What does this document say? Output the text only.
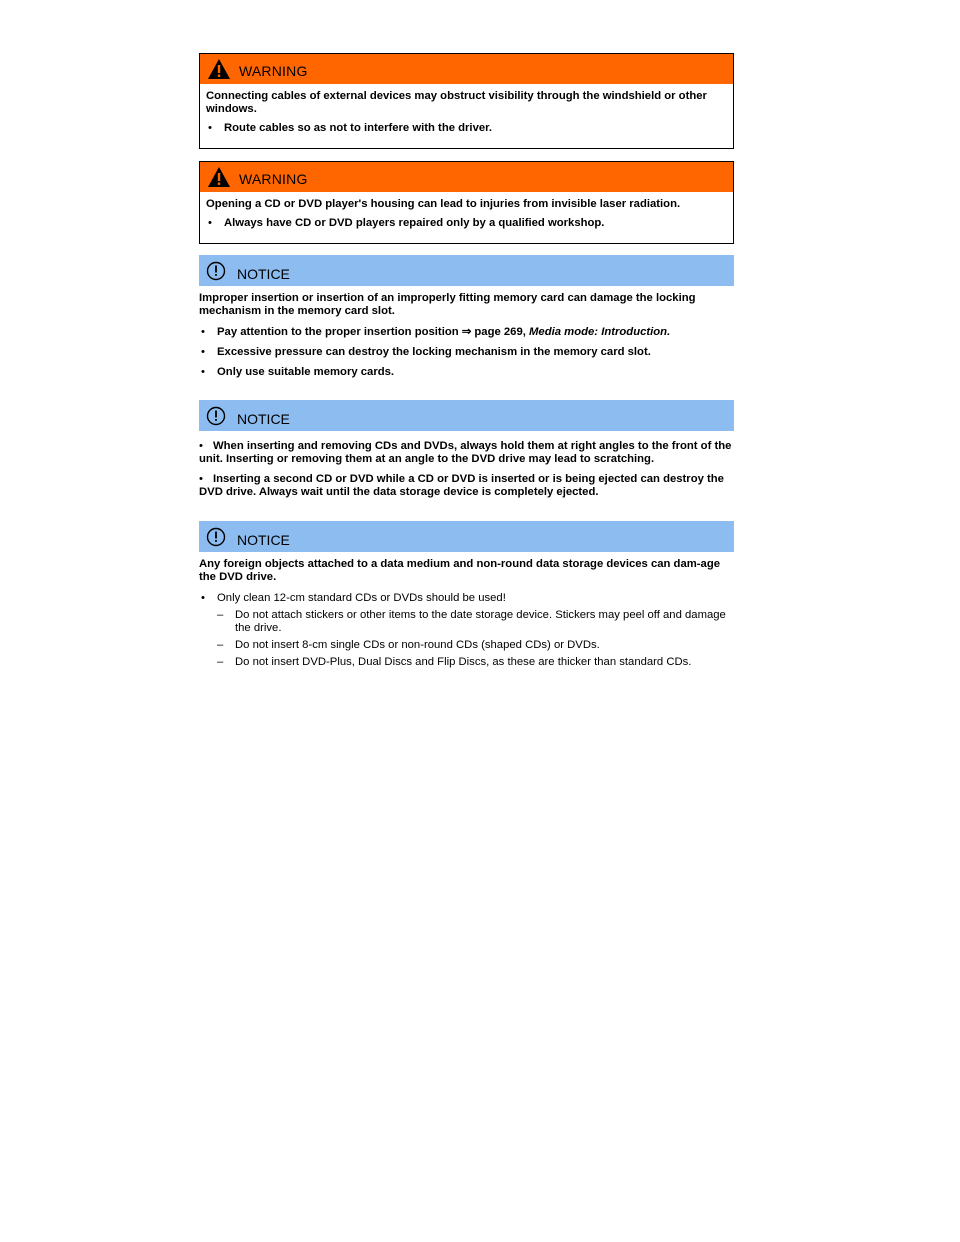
WARNING

Connecting cables of external devices may obstruct visibility through the windshield or other windows.

• Route cables so as not to interfere with the driver.
WARNING

Opening a CD or DVD player's housing can lead to injuries from invisible laser radiation.

• Always have CD or DVD players repaired only by a qualified workshop.
NOTICE

Improper insertion or insertion of an improperly fitting memory card can damage the locking mechanism in the memory card slot.

• Pay attention to the proper insertion position ⇒ page 269, Media mode: Introduction.
• Excessive pressure can destroy the locking mechanism in the memory card slot.
• Only use suitable memory cards.
NOTICE
• When inserting and removing CDs and DVDs, always hold them at right angles to the front of the unit. Inserting or removing them at an angle to the DVD drive may lead to scratching.
• Inserting a second CD or DVD while a CD or DVD is inserted or is being ejected can destroy the DVD drive. Always wait until the data storage device is completely ejected.
NOTICE

Any foreign objects attached to a data medium and non-round data storage devices can dam-age the DVD drive.

• Only clean 12-cm standard CDs or DVDs should be used!
– Do not attach stickers or other items to the date storage device. Stickers may peel off and damage the drive.
– Do not insert 8-cm single CDs or non-round CDs (shaped CDs) or DVDs.
– Do not insert DVD-Plus, Dual Discs and Flip Discs, as these are thicker than standard CDs.
